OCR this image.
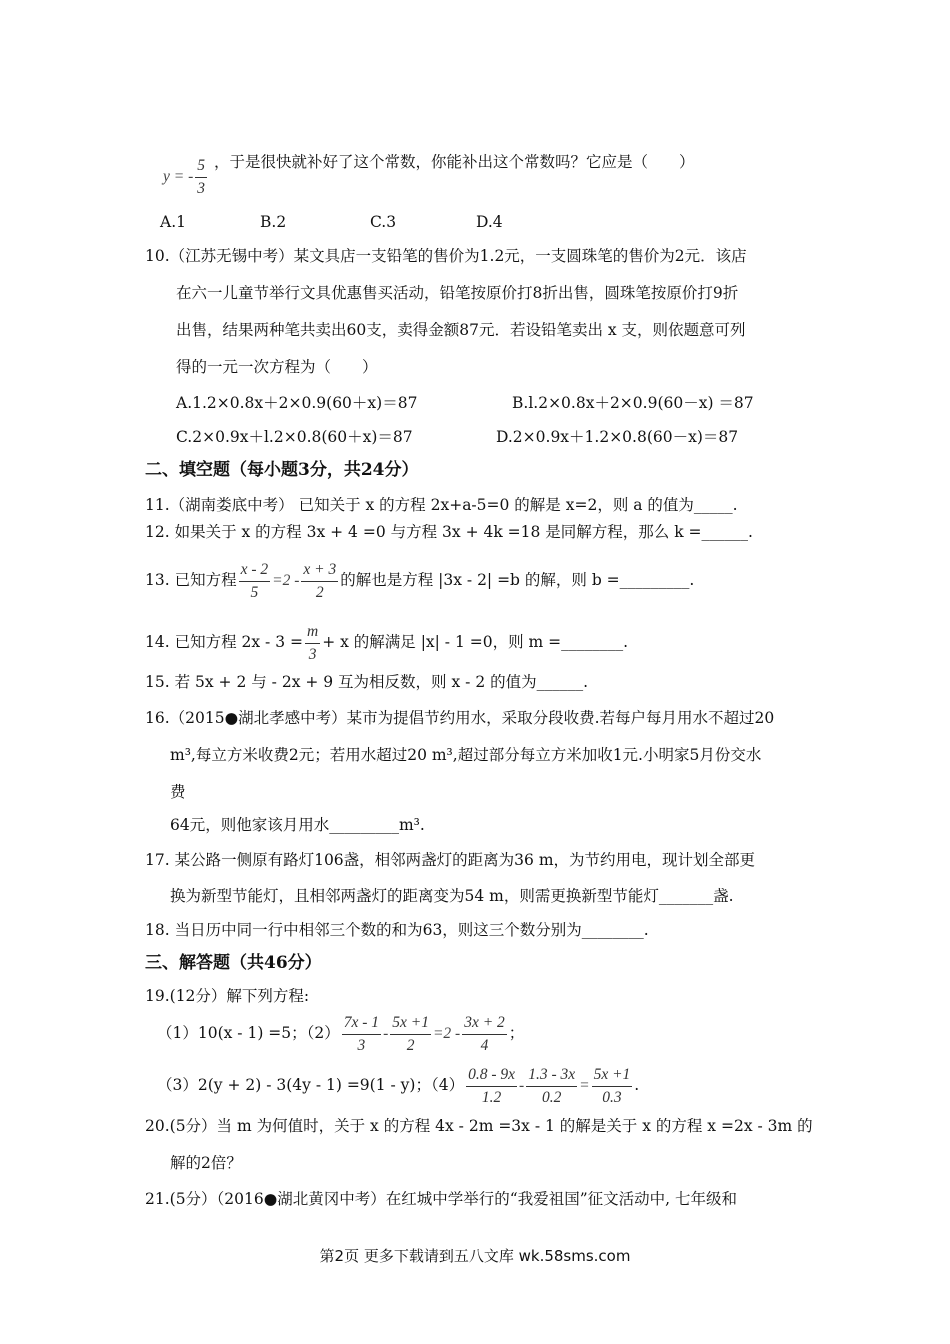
y = - $\frac{5}{3}$ ，于是很快就补好了这个常数，你能补出这个常数吗？它应是（　　）
A.1	B.2	C.3	D.4
10.（江苏无锡中考）某文具店一支铅笔的售价为1.2元，一支圆珠笔的售价为2元．该店
在六一儿童节举行文具优惠售买活动，铅笔按原价打8折出售，圆珠笔按原价打9折
出售，结果两种笔共卖出60支，卖得金额87元．若设铅笔卖出 x 支，则依题意可列
得的一元一次方程为（　　）
A.1.2×0.8x＋2×0.9(60＋x)＝87	B.l.2×0.8x＋2×0.9(60－x) ＝87
C.2×0.9x＋l.2×0.8(60＋x)＝87	D.2×0.9x＋1.2×0.8(60－x)＝87
二、填空题（每小题3分，共24分）
11.（湖南娄底中考） 已知关于 x 的方程 2x+a-5=0 的解是 x=2，则 a 的值为_____.
12. 如果关于 x 的方程 3x + 4 =0 与方程 3x + 4k =18 是同解方程，那么 k =______.
13. 已知方程 $\frac{x - 2}{5} =2 - \frac{x + 3}{2}$ 的解也是方程 |3x - 2| =b 的解，则 b =_________.
14. 已知方程 $2x - 3 = \frac{m}{3} + x$ 的解满足 |x| - 1 =0，则 m =________.
15. 若 5x + 2 与 - 2x + 9 互为相反数，则 x - 2 的值为______.
16.（2015●湖北孝感中考）某市为提倡节约用水，采取分段收费.若每户每月用水不超过20
m³,每立方米收费2元；若用水超过20 m³,超过部分每立方米加收1元.小明家5月份交水
费
64元，则他家该月用水_________m³.
17. 某公路一侧原有路灯106盏，相邻两盏灯的距离为36 m，为节约用电，现计划全部更
换为新型节能灯，且相邻两盏灯的距离变为54 m，则需更换新型节能灯_______盏.
18. 当日历中同一行中相邻三个数的和为63，则这三个数分别为________.
三、解答题（共46分）
19.(12分）解下列方程:
（1）10(x - 1) =5；$(2) \frac{7x - 1}{3} - \frac{5x +1}{2} =2 - \frac{3x + 2}{4}$ ；
（3）2(y + 2) - 3(4y - 1) =9(1 - y)；$(4) \frac{0.8 - 9x}{1.2} - \frac{1.3 - 3x}{0.2} = \frac{5x +1}{0.3}$ .
20.(5分）当 m 为何值时，关于 x 的方程 4x - 2m =3x - 1 的解是关于 x 的方程 x =2x - 3m 的
解的2倍？
21.(5分）（2016●湖北黄冈中考）在红城中学举行的“我爱祖国”征文活动中, 七年级和
第2页 更多下载请到五八文库 wk.58sms.com
